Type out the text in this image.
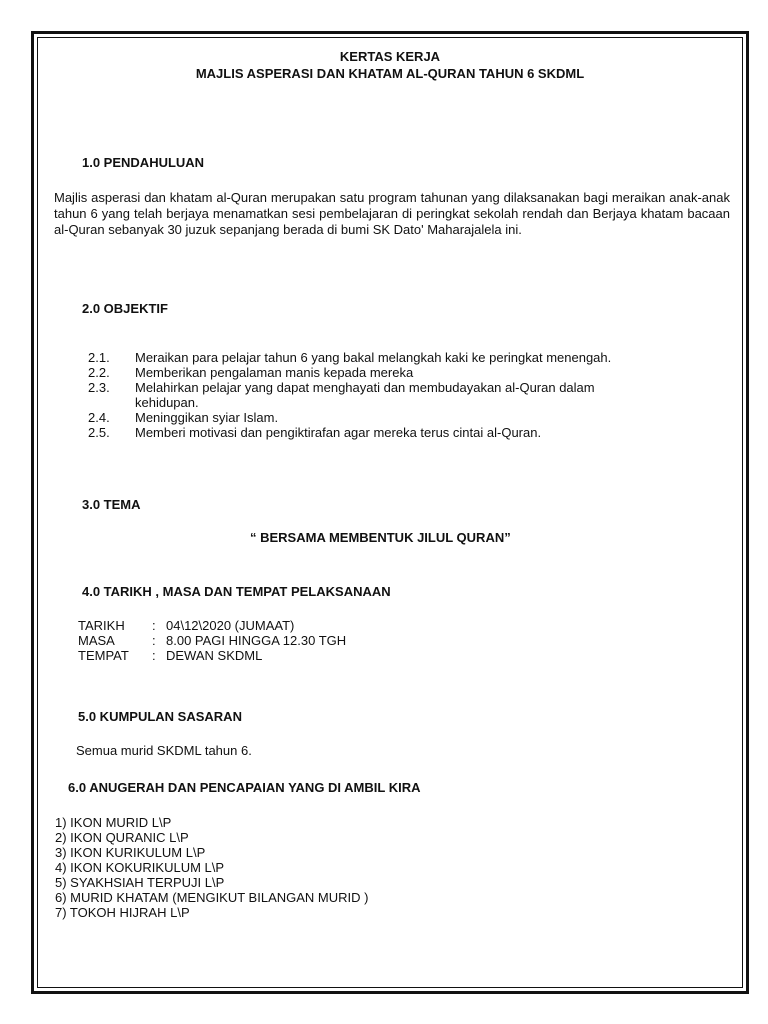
KERTAS KERJA
MAJLIS ASPERASI DAN KHATAM AL-QURAN TAHUN 6 SKDML
1.0 PENDAHULUAN
Majlis asperasi dan khatam al-Quran merupakan satu program tahunan yang dilaksanakan bagi meraikan anak-anak tahun 6 yang telah berjaya menamatkan sesi pembelajaran di peringkat sekolah rendah dan Berjaya khatam bacaan al-Quran sebanyak 30 juzuk sepanjang berada di bumi SK Dato' Maharajalela ini.
2.0 OBJEKTIF
2.1.	Meraikan para pelajar tahun 6 yang bakal melangkah kaki ke peringkat menengah.
2.2.	Memberikan pengalaman manis kepada mereka
2.3.	Melahirkan pelajar yang dapat menghayati dan membudayakan al-Quran dalam kehidupan.
2.4.	Meninggikan syiar Islam.
2.5.	Memberi motivasi dan pengiktirafan agar mereka terus cintai al-Quran.
3.0 TEMA
“ BERSAMA MEMBENTUK JILUL QURAN”
4.0 TARIKH , MASA DAN TEMPAT PELAKSANAAN
TARIKH	: 04\12\2020 (JUMAAT)
MASA	: 8.00 PAGI HINGGA 12.30 TGH
TEMPAT	: DEWAN SKDML
5.0 KUMPULAN SASARAN
Semua murid SKDML tahun 6.
6.0 ANUGERAH DAN PENCAPAIAN YANG DI AMBIL KIRA
1) IKON MURID L\P
2) IKON QURANIC L\P
3) IKON KURIKULUM L\P
4) IKON KOKURIKULUM L\P
5) SYAKHSIAH TERPUJI L\P
6) MURID KHATAM (MENGIKUT BILANGAN MURID )
7) TOKOH HIJRAH L\P
